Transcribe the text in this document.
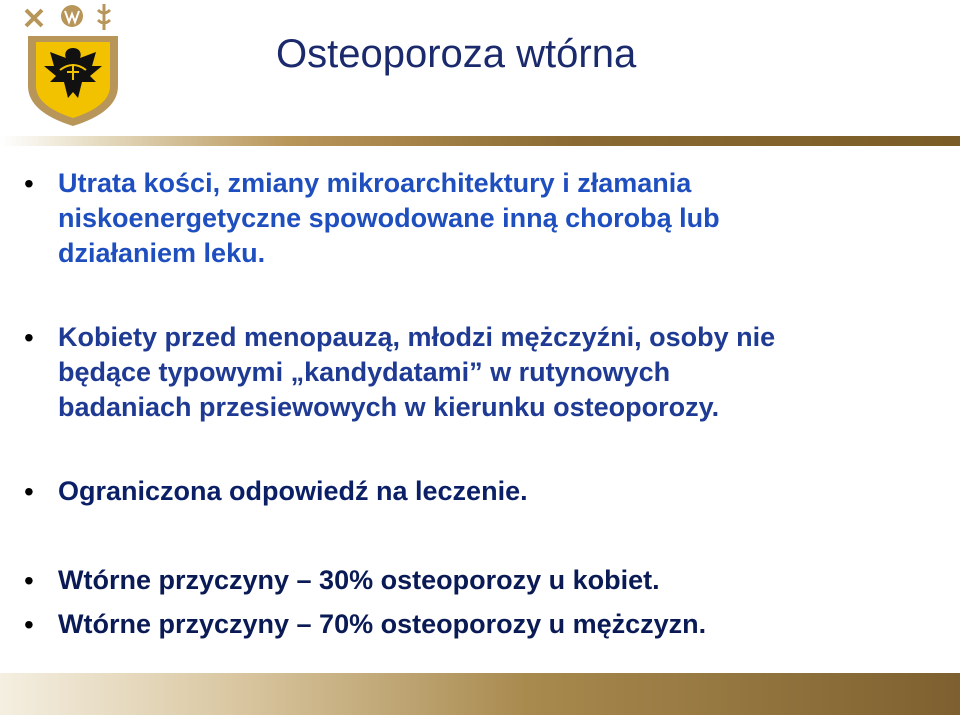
Osteoporoza wtórna
• Utrata kości, zmiany mikroarchitektury i złamania
niskoenergetyczne spowodowane inną chorobą lub
działaniem leku.
• Kobiety przed menopauzą, młodzi mężczyźni, osoby nie
będące typowymi „kandydatami” w rutynowych
badaniach przesiewowych w kierunku osteoporozy.
• Ograniczona odpowiedź na leczenie.
• Wtórne przyczyny – 30% osteoporozy u kobiet.
• Wtórne przyczyny – 70% osteoporozy u mężczyzn.
